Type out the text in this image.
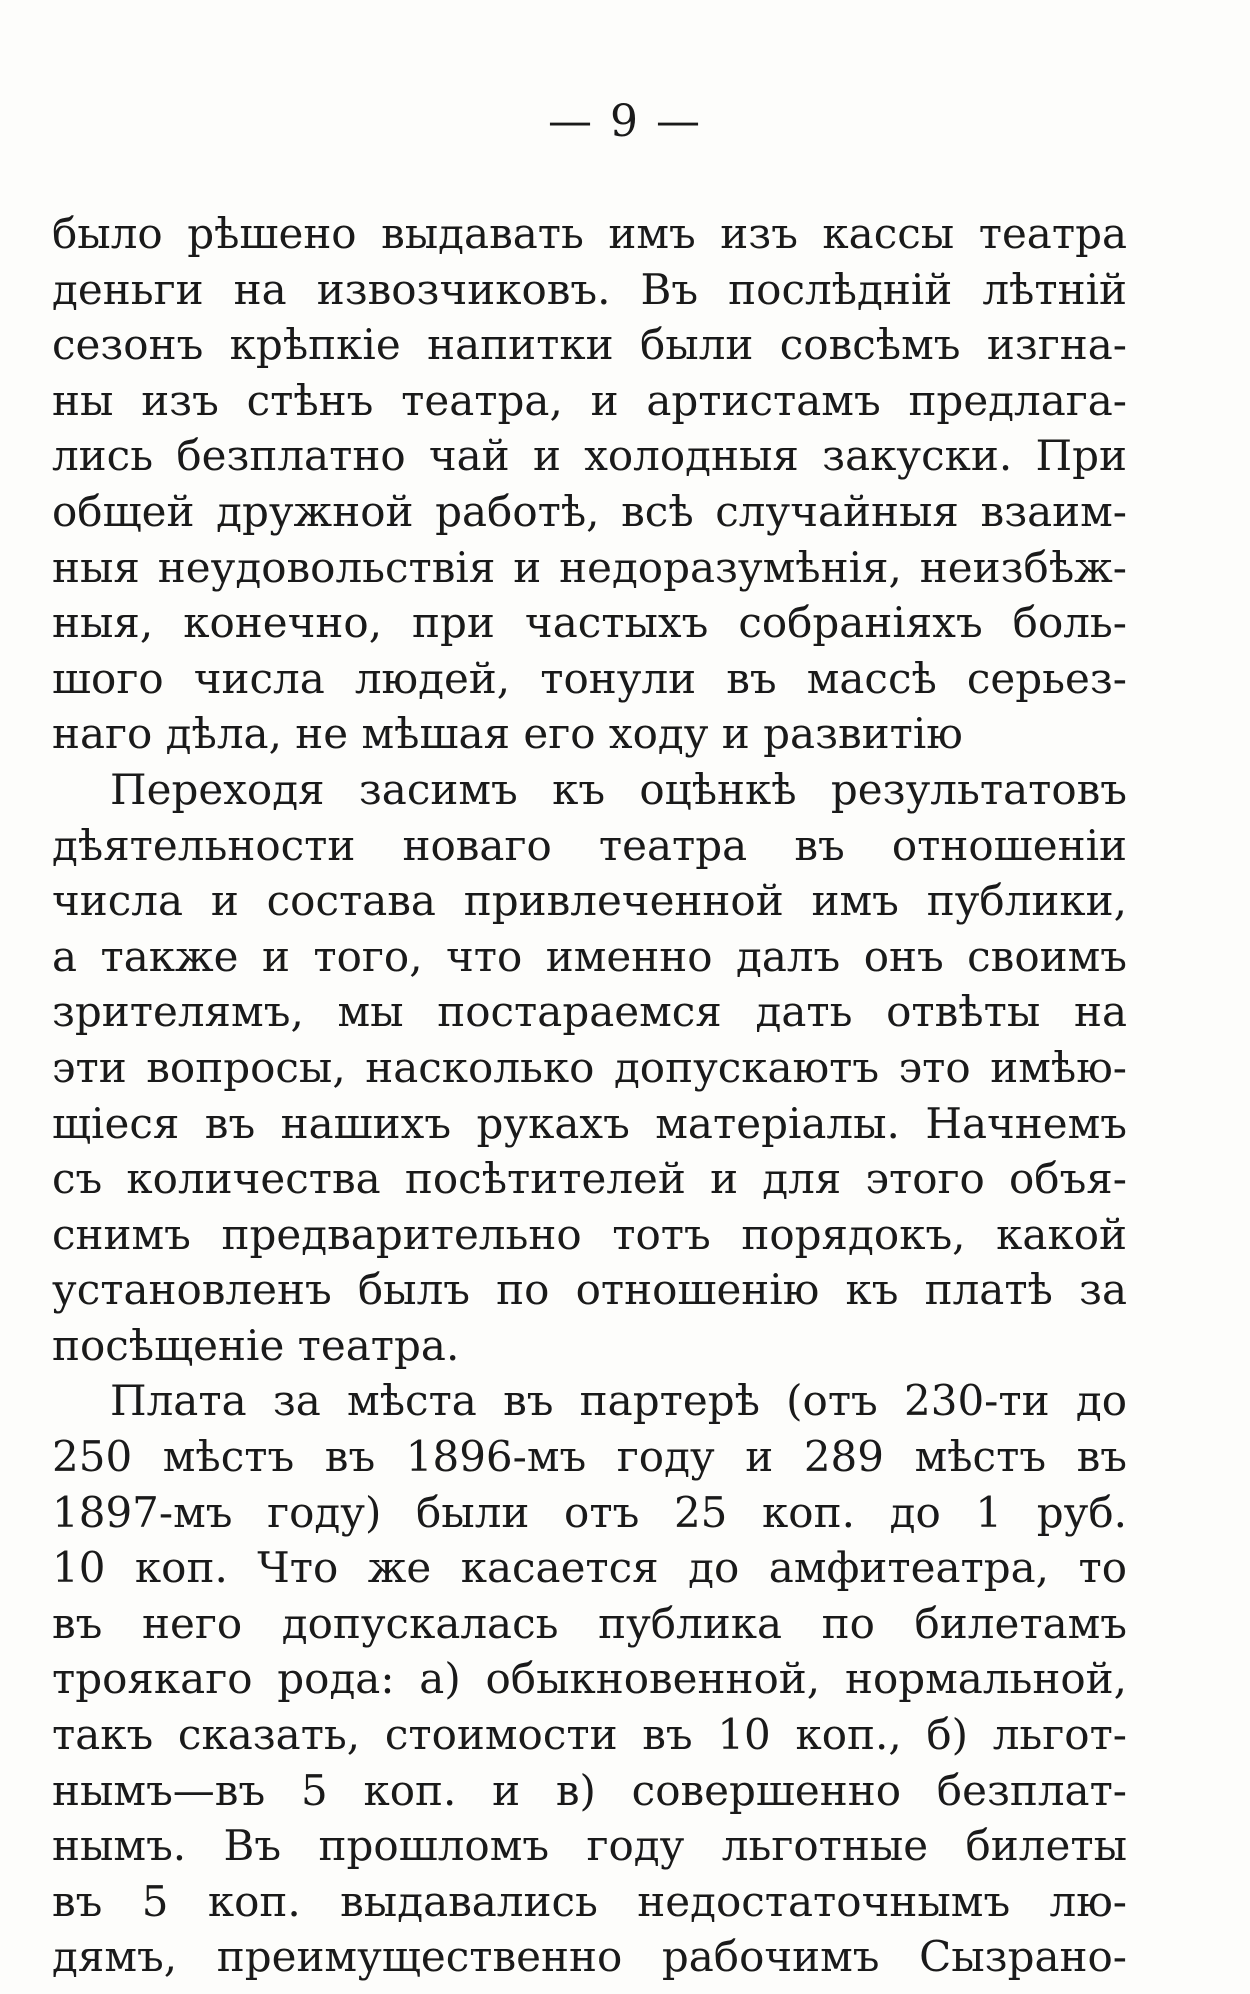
— 9 —
было рѣшено выдавать имъ изъ кассы театра
деньги на извозчиковъ. Въ послѣдній лѣтній
сезонъ крѣпкіе напитки были совсѣмъ изгна-
ны изъ стѣнъ театра, и артистамъ предлага-
лись безплатно чай и холодныя закуски. При
общей дружной работѣ, всѣ случайныя взаим-
ныя неудовольствія и недоразумѣнія, неизбѣж-
ныя, конечно, при частыхъ собраніяхъ боль-
шого числа людей, тонули въ массѣ серьез-
наго дѣла, не мѣшая его ходу и развитію
Переходя засимъ къ оцѣнкѣ результатовъ
дѣятельности новаго театра въ отношеніи
числа и состава привлеченной имъ публики,
а также и того, что именно далъ онъ своимъ
зрителямъ, мы постараемся дать отвѣты на
эти вопросы, насколько допускаютъ это имѣю-
щіеся въ нашихъ рукахъ матеріалы. Начнемъ
съ количества посѣтителей и для этого объя-
снимъ предварительно тотъ порядокъ, какой
установленъ былъ по отношенію къ платѣ за
посѣщеніе театра.
Плата за мѣста въ партерѣ (отъ 230-ти до
250 мѣстъ въ 1896-мъ году и 289 мѣстъ въ
1897-мъ году) были отъ 25 коп. до 1 руб.
10 коп. Что же касается до амфитеатра, то
въ него допускалась публика по билетамъ
троякаго рода: а) обыкновенной, нормальной,
такъ сказать, стоимости въ 10 коп., б) льгот-
нымъ—въ 5 коп. и в) совершенно безплат-
нымъ. Въ прошломъ году льготные билеты
въ 5 коп. выдавались недостаточнымъ лю-
дямъ, преимущественно рабочимъ Сызрано-
